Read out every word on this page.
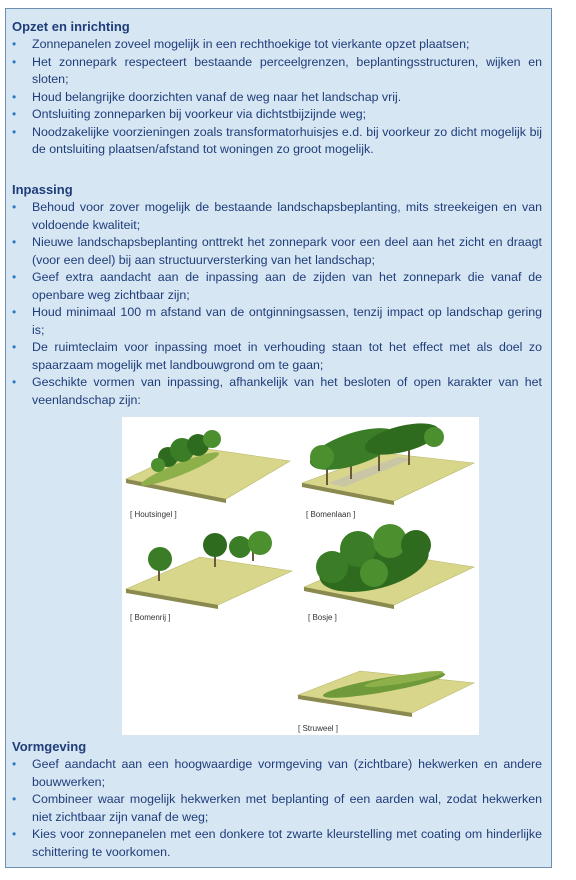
Opzet en inrichting
• Zonnepanelen zoveel mogelijk in een rechthoekige tot vierkante opzet plaatsen;
• Het zonnepark respecteert bestaande perceelgrenzen, beplantingsstructuren, wijken en sloten;
• Houd belangrijke doorzichten vanaf de weg naar het landschap vrij.
• Ontsluiting zonneparken bij voorkeur via dichtstbijzijnde weg;
• Noodzakelijke voorzieningen zoals transformatorhuisjes e.d. bij voorkeur zo dicht mogelijk bij de ontsluiting plaatsen/afstand tot woningen zo groot mogelijk.
Inpassing
• Behoud voor zover mogelijk de bestaande landschapsbeplanting, mits streekeigen en van voldoende kwaliteit;
• Nieuwe landschapsbeplanting onttrekt het zonnepark voor een deel aan het zicht en draagt (voor een deel) bij aan structuurversterking van het landschap;
• Geef extra aandacht aan de inpassing aan de zijden van het zonnepark die vanaf de openbare weg zichtbaar zijn;
• Houd minimaal 100 m afstand van de ontginningsassen, tenzij impact op landschap gering is;
• De ruimteclaim voor inpassing moet in verhouding staan tot het effect met als doel zo spaarzaam mogelijk met landbouwgrond om te gaan;
• Geschikte vormen van inpassing, afhankelijk van het besloten of open karakter van het veenlandschap zijn:
[ Houtsingel ]	[ Bomenlaan ]
[ Bomenrij ]	[ Bosje ]
[ Struweel ]
Vormgeving
• Geef aandacht aan een hoogwaardige vormgeving van (zichtbare) hekwerken en andere bouwwerken;
• Combineer waar mogelijk hekwerken met beplanting of een aarden wal, zodat hekwerken niet zichtbaar zijn vanaf de weg;
• Kies voor zonnepanelen met een donkere tot zwarte kleurstelling met coating om hinderlijke schittering te voorkomen.
